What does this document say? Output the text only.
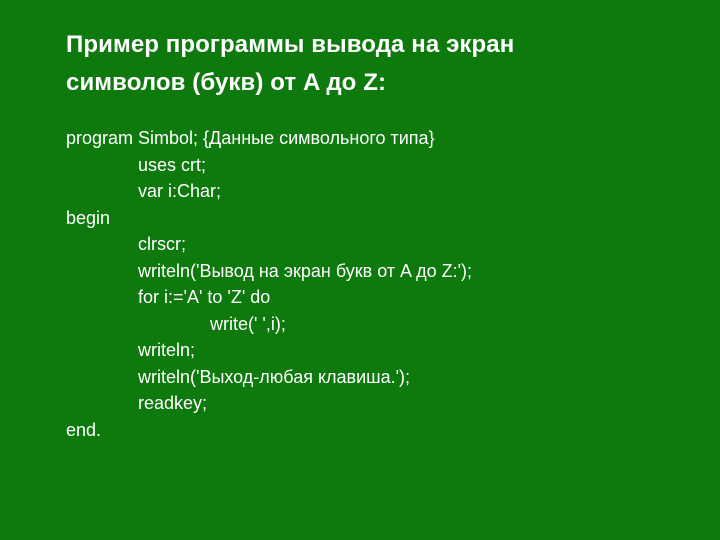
Пример программы вывода на экран
символов (букв) от A до Z:
program Simbol; {Данные символьного типа}
uses crt;
var i:Char;
begin
clrscr;
writeln('Вывод на экран букв от A до Z:');
for i:='A' to 'Z' do
write(' ',i);
writeln;
writeln('Выход-любая клавиша.');
readkey;
end.
